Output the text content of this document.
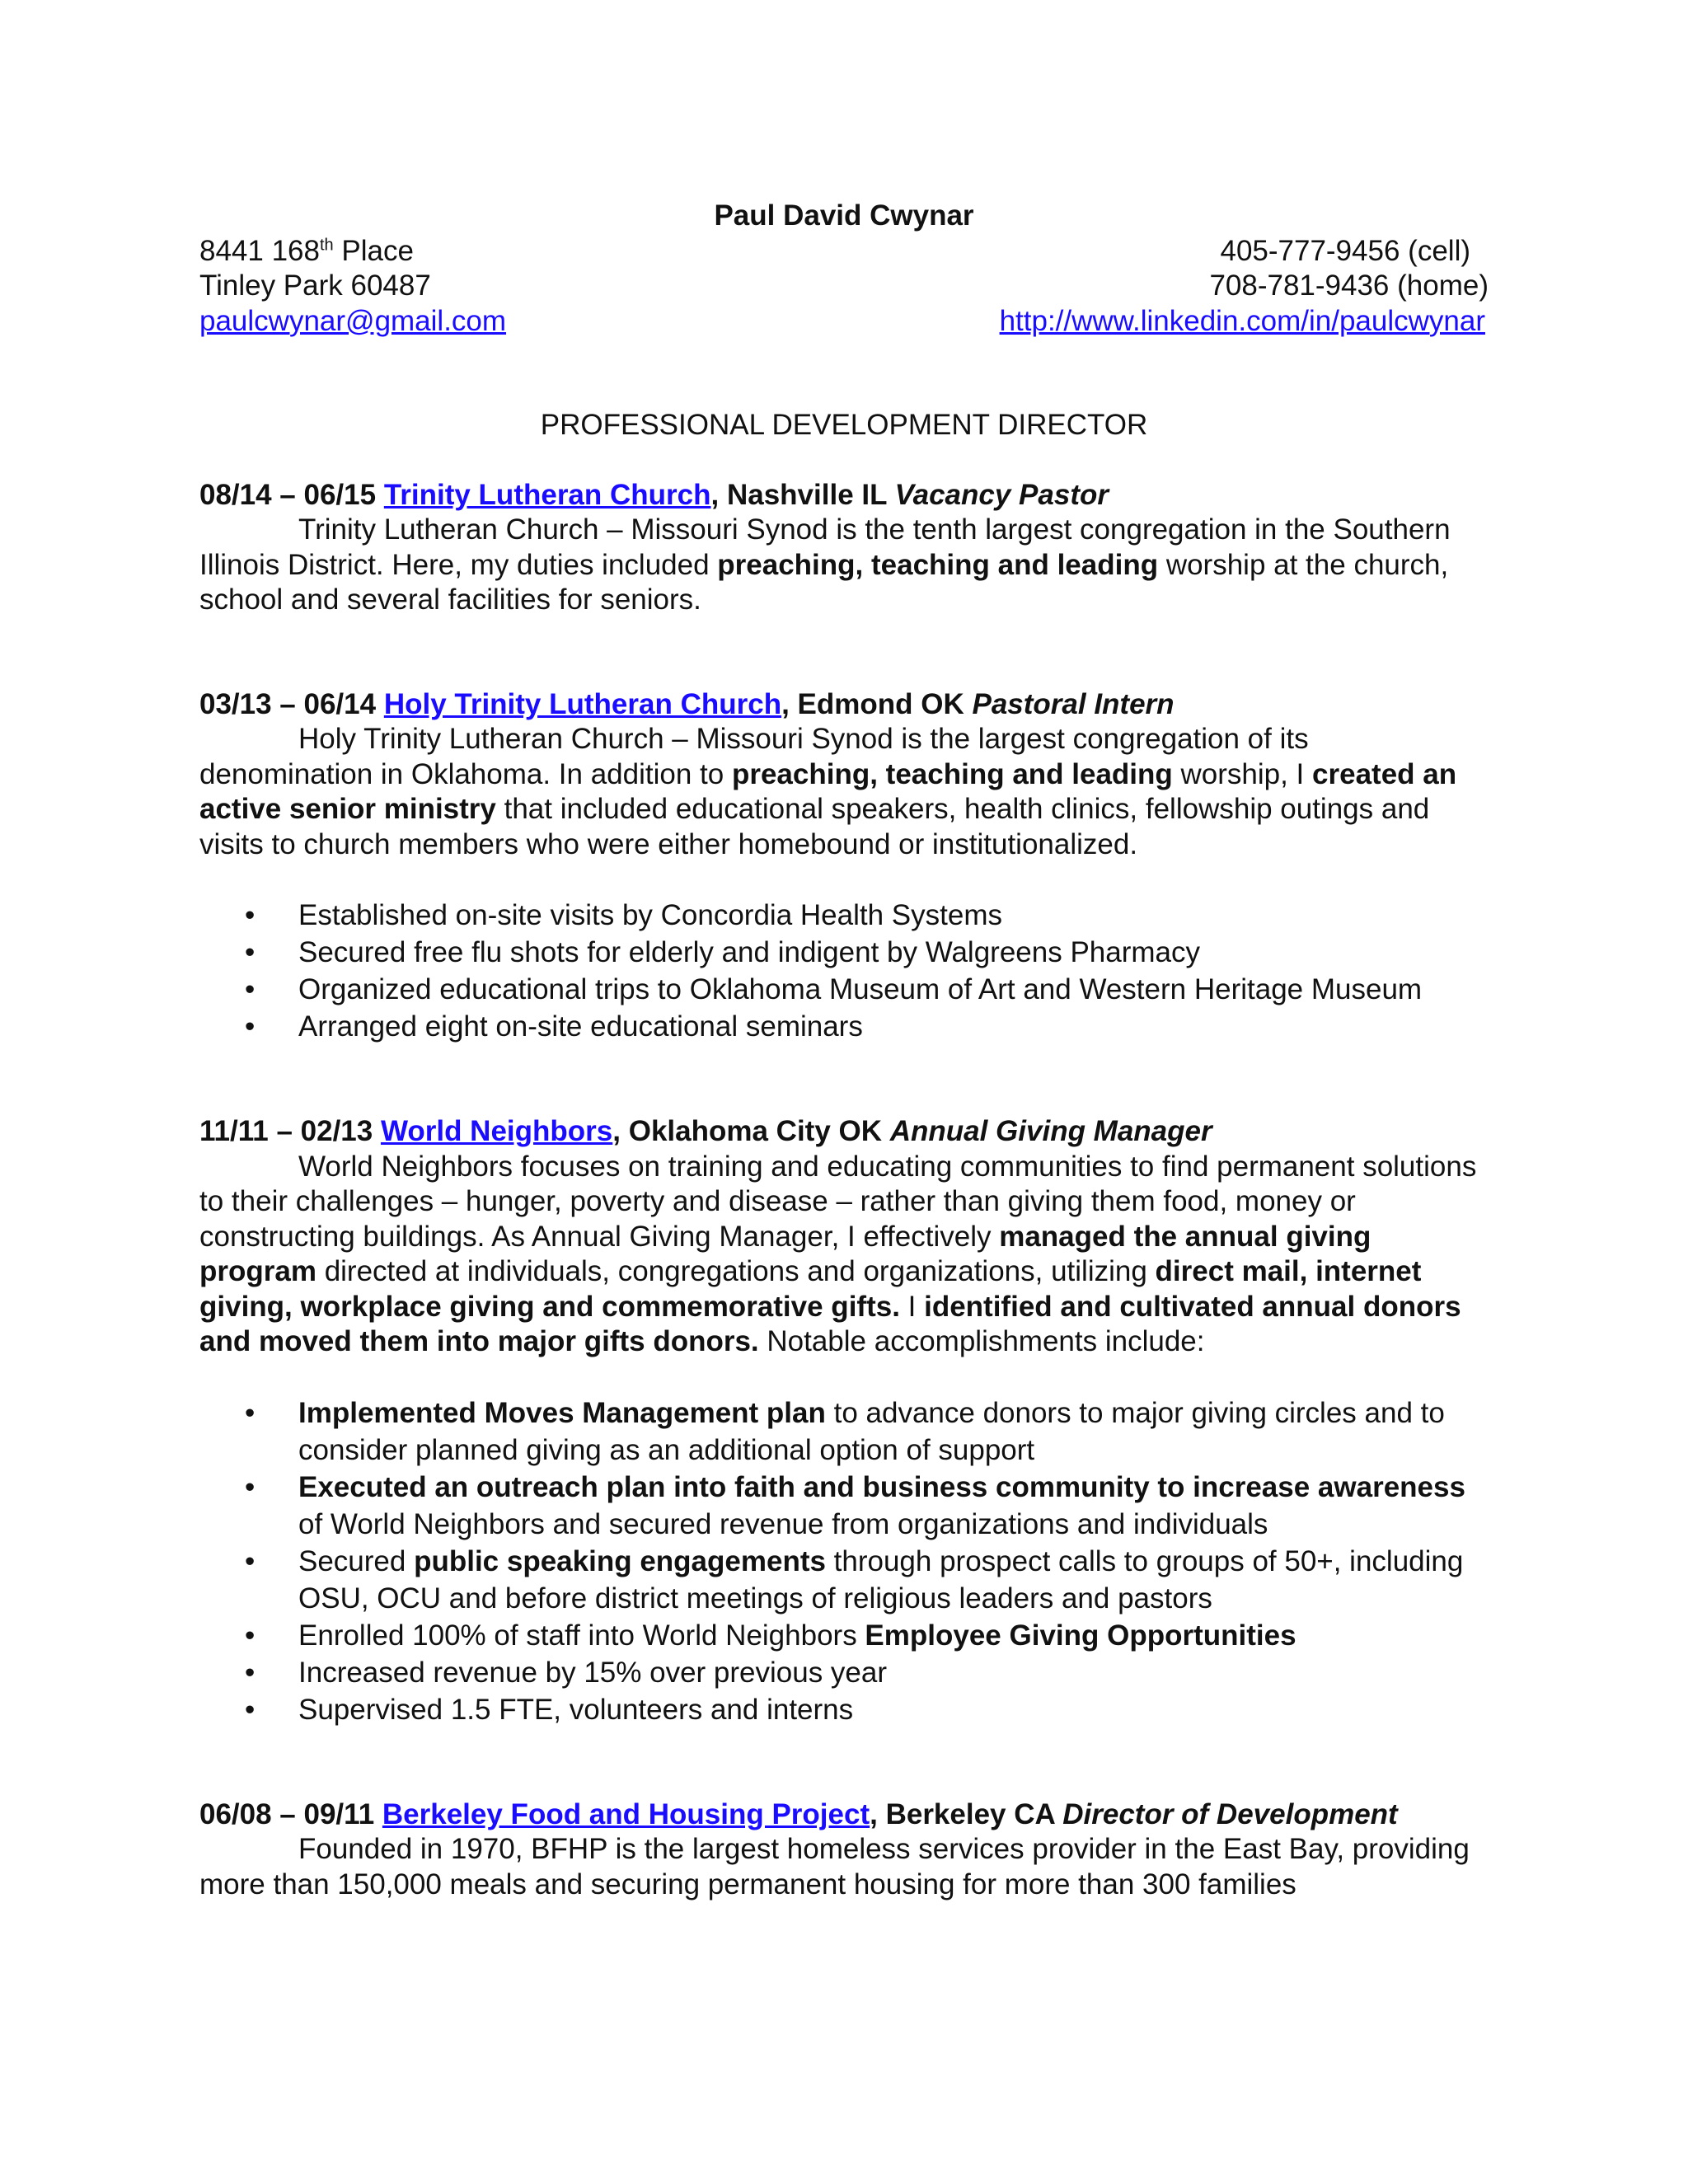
Paul David Cwynar
8441 168th Place	405-777-9456 (cell)
Tinley Park 60487	708-781-9436 (home)
paulcwynar@gmail.com	http://www.linkedin.com/in/paulcwynar
PROFESSIONAL DEVELOPMENT DIRECTOR
08/14 – 06/15 Trinity Lutheran Church, Nashville IL Vacancy Pastor
Trinity Lutheran Church – Missouri Synod is the tenth largest congregation in the Southern Illinois District. Here, my duties included preaching, teaching and leading worship at the church, school and several facilities for seniors.
03/13 – 06/14 Holy Trinity Lutheran Church, Edmond OK Pastoral Intern
Holy Trinity Lutheran Church – Missouri Synod is the largest congregation of its denomination in Oklahoma. In addition to preaching, teaching and leading worship, I created an active senior ministry that included educational speakers, health clinics, fellowship outings and visits to church members who were either homebound or institutionalized.
• Established on-site visits by Concordia Health Systems
• Secured free flu shots for elderly and indigent by Walgreens Pharmacy
• Organized educational trips to Oklahoma Museum of Art and Western Heritage Museum
• Arranged eight on-site educational seminars
11/11 – 02/13 World Neighbors, Oklahoma City OK Annual Giving Manager
World Neighbors focuses on training and educating communities to find permanent solutions to their challenges – hunger, poverty and disease – rather than giving them food, money or constructing buildings. As Annual Giving Manager, I effectively managed the annual giving program directed at individuals, congregations and organizations, utilizing direct mail, internet giving, workplace giving and commemorative gifts. I identified and cultivated annual donors and moved them into major gifts donors. Notable accomplishments include:
• Implemented Moves Management plan to advance donors to major giving circles and to consider planned giving as an additional option of support
• Executed an outreach plan into faith and business community to increase awareness of World Neighbors and secured revenue from organizations and individuals
• Secured public speaking engagements through prospect calls to groups of 50+, including OSU, OCU and before district meetings of religious leaders and pastors
• Enrolled 100% of staff into World Neighbors Employee Giving Opportunities
• Increased revenue by 15% over previous year
• Supervised 1.5 FTE, volunteers and interns
06/08 – 09/11 Berkeley Food and Housing Project, Berkeley CA Director of Development
Founded in 1970, BFHP is the largest homeless services provider in the East Bay, providing more than 150,000 meals and securing permanent housing for more than 300 families
